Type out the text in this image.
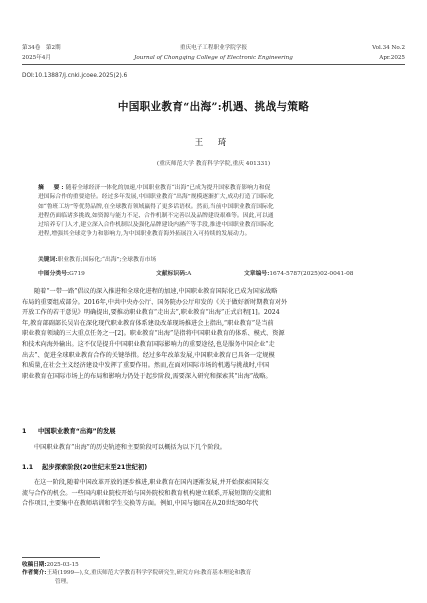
第34卷　第2期	重庆电子工程职业学院学报	Vol.34 No.2
2025年4月	Journal of Chongqing College of Electronic Engineering	Apr.2025
DOI:10.13887/j.cnki.jcoee.2025(2).6
中国职业教育“出海”:机遇、挑战与策略
王 琦
(重庆师范大学 教育科学学院,重庆 401331)
摘　要:随着全球经济一体化的加速,中国职业教育“出海”已成为提升国家教育影响力和促
进国际合作的重要途径。经过多年发展,中国职业教育“出海”规模逐渐扩大,成功打造了国际化
如“鲁班工坊”等优势品牌,在全球教育领域赢得了更多话语权。然而,当前中国职业教育国际化
进程仍面临诸多挑战,如资源与能力不足、合作机制不完善以及品牌建设艰难等。因此,可以通
过培养专门人才,建立深入合作机制以及强化品牌建设内涵产等手段,推进中国职业教育国际化
进程,增强其全球竞争力和影响力,为中国职业教育海外拓展注入可持续的发展动力。
关键词:职业教育;国际化;“出海”;全球教育市场
中图分类号:G719	文献标识码:A	文章编号:1674-5787(2025)02-0041-08
随着“一带一路”倡议的深入推进和全球化进程的加速,中国职业教育国际化已成为国家战略
布局的重要组成部分。2016年,中共中央办公厅、国务院办公厅印发的《关于做好新时期教育对外
开放工作的若干意见》明确提出,要推动职业教育“走出去”,职业教育“出海”正式启程[1]。2024
年,教育部副部长吴岩在深化现代职业教育体系建设改革现场推进会上指出,“职业教育”是当前
职业教育领域的三大重点任务之一[2]。职业教育“出海”是指将中国职业教育的体系、模式、资源
和技术向海外输出。这不仅是提升中国职业教育国际影响力的重要途径,也是服务中国企业“走
出去”、促进全球职业教育合作的关键举措。经过多年改革发展,中国职业教育已具备一定规模
和质量,在社会主义经济建设中发挥了重要作用。然而,在面对国际市场的机遇与挑战时,中国
职业教育在国际市场上的布局和影响力仍处于起步阶段,需要深入研究和探索其“出海”战略。
1 中国职业教育“出海”的发展
中国职业教育“出海”的历史轨迹和主要阶段可以概括为以下几个阶段。
1.1 起步探索阶段(20世纪末至21世纪初)
在这一阶段,随着中国改革开放的逐步推进,职业教育在国内逐渐发展,并开始探索国际交
流与合作的机会。一些国内职业院校开始与国外院校和教育机构建立联系,开展短期的交流和
合作项目,主要集中在教师培训和学生交换等方面。例如,中国与德国在从20世纪80年代
收稿日期:2025-03-15
作者简介:王琦(1999—),女,重庆师范大学教育科学学院研究生,研究方向:教育基本理论和教育
管理。
